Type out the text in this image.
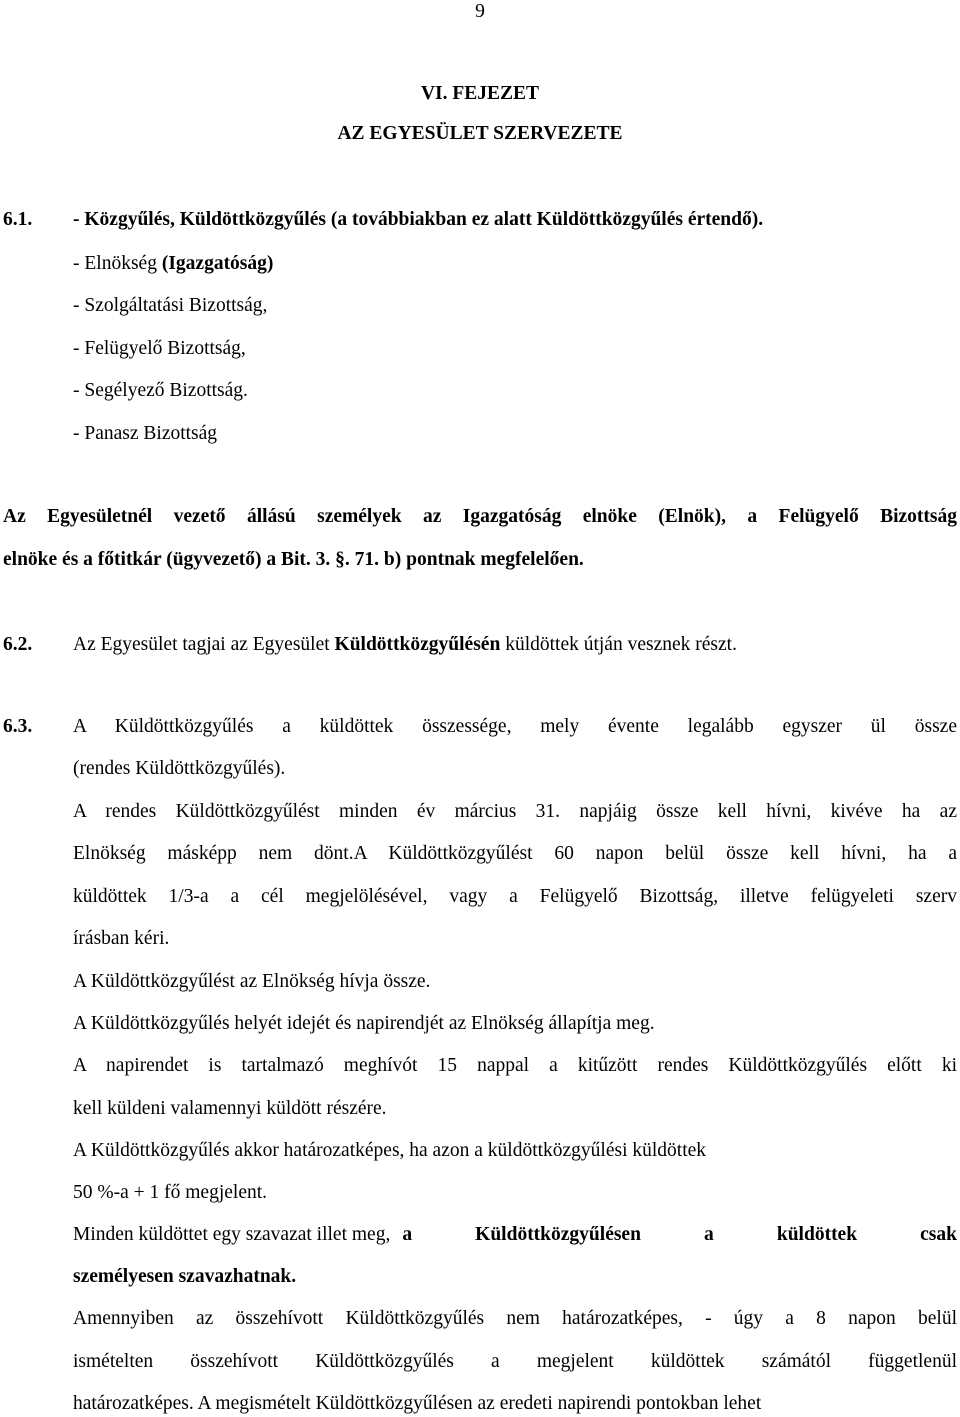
9
VI. FEJEZET
AZ EGYESÜLET SZERVEZETE
6.1. - Közgyűlés, Küldöttközgyűlés (a továbbiakban ez alatt Küldöttközgyűlés értendő).
- Elnökség (Igazgatóság)
- Szolgáltatási Bizottság,
- Felügyelő Bizottság,
- Segélyező Bizottság.
- Panasz Bizottság
Az Egyesületnél vezető állású személyek az Igazgatóság elnöke (Elnök), a Felügyelő Bizottság
elnöke és a főtitkár (ügyvezető) a Bit. 3. §. 71. b) pontnak megfelelően.
6.2. Az Egyesület tagjai az Egyesület Küldöttközgyűlésén küldöttek útján vesznek részt.
6.3. A Küldöttközgyűlés a küldöttek összessége, mely évente legalább egyszer ül össze
(rendes Küldöttközgyűlés).
A rendes Küldöttközgyűlést minden év március 31. napjáig össze kell hívni, kivéve ha az
Elnökség másképp nem dönt.A Küldöttközgyűlést 60 napon belül össze kell hívni, ha a
küldöttek 1/3-a a cél megjelölésével, vagy a Felügyelő Bizottság, illetve felügyeleti szerv
írásban kéri.
A Küldöttközgyűlést az Elnökség hívja össze.
A Küldöttközgyűlés helyét idejét és napirendjét az Elnökség állapítja meg.
A napirendet is tartalmazó meghívót 15 nappal a kitűzött rendes Küldöttközgyűlés előtt ki
kell küldeni valamennyi küldött részére.
A Küldöttközgyűlés akkor határozatképes, ha azon a küldöttközgyűlési küldöttek
50 %-a + 1 fő megjelent.
Minden küldöttet egy szavazat illet meg, a Küldöttközgyűlésen a küldöttek csak
személyesen szavazhatnak.
Amennyiben az összehívott Küldöttközgyűlés nem határozatképes, - úgy a 8 napon belül
ismételten összehívott Küldöttközgyűlés a megjelent küldöttek számától függetlenül
határozatképes. A megismételt Küldöttközgyűlésen az eredeti napirendi pontokban lehet
